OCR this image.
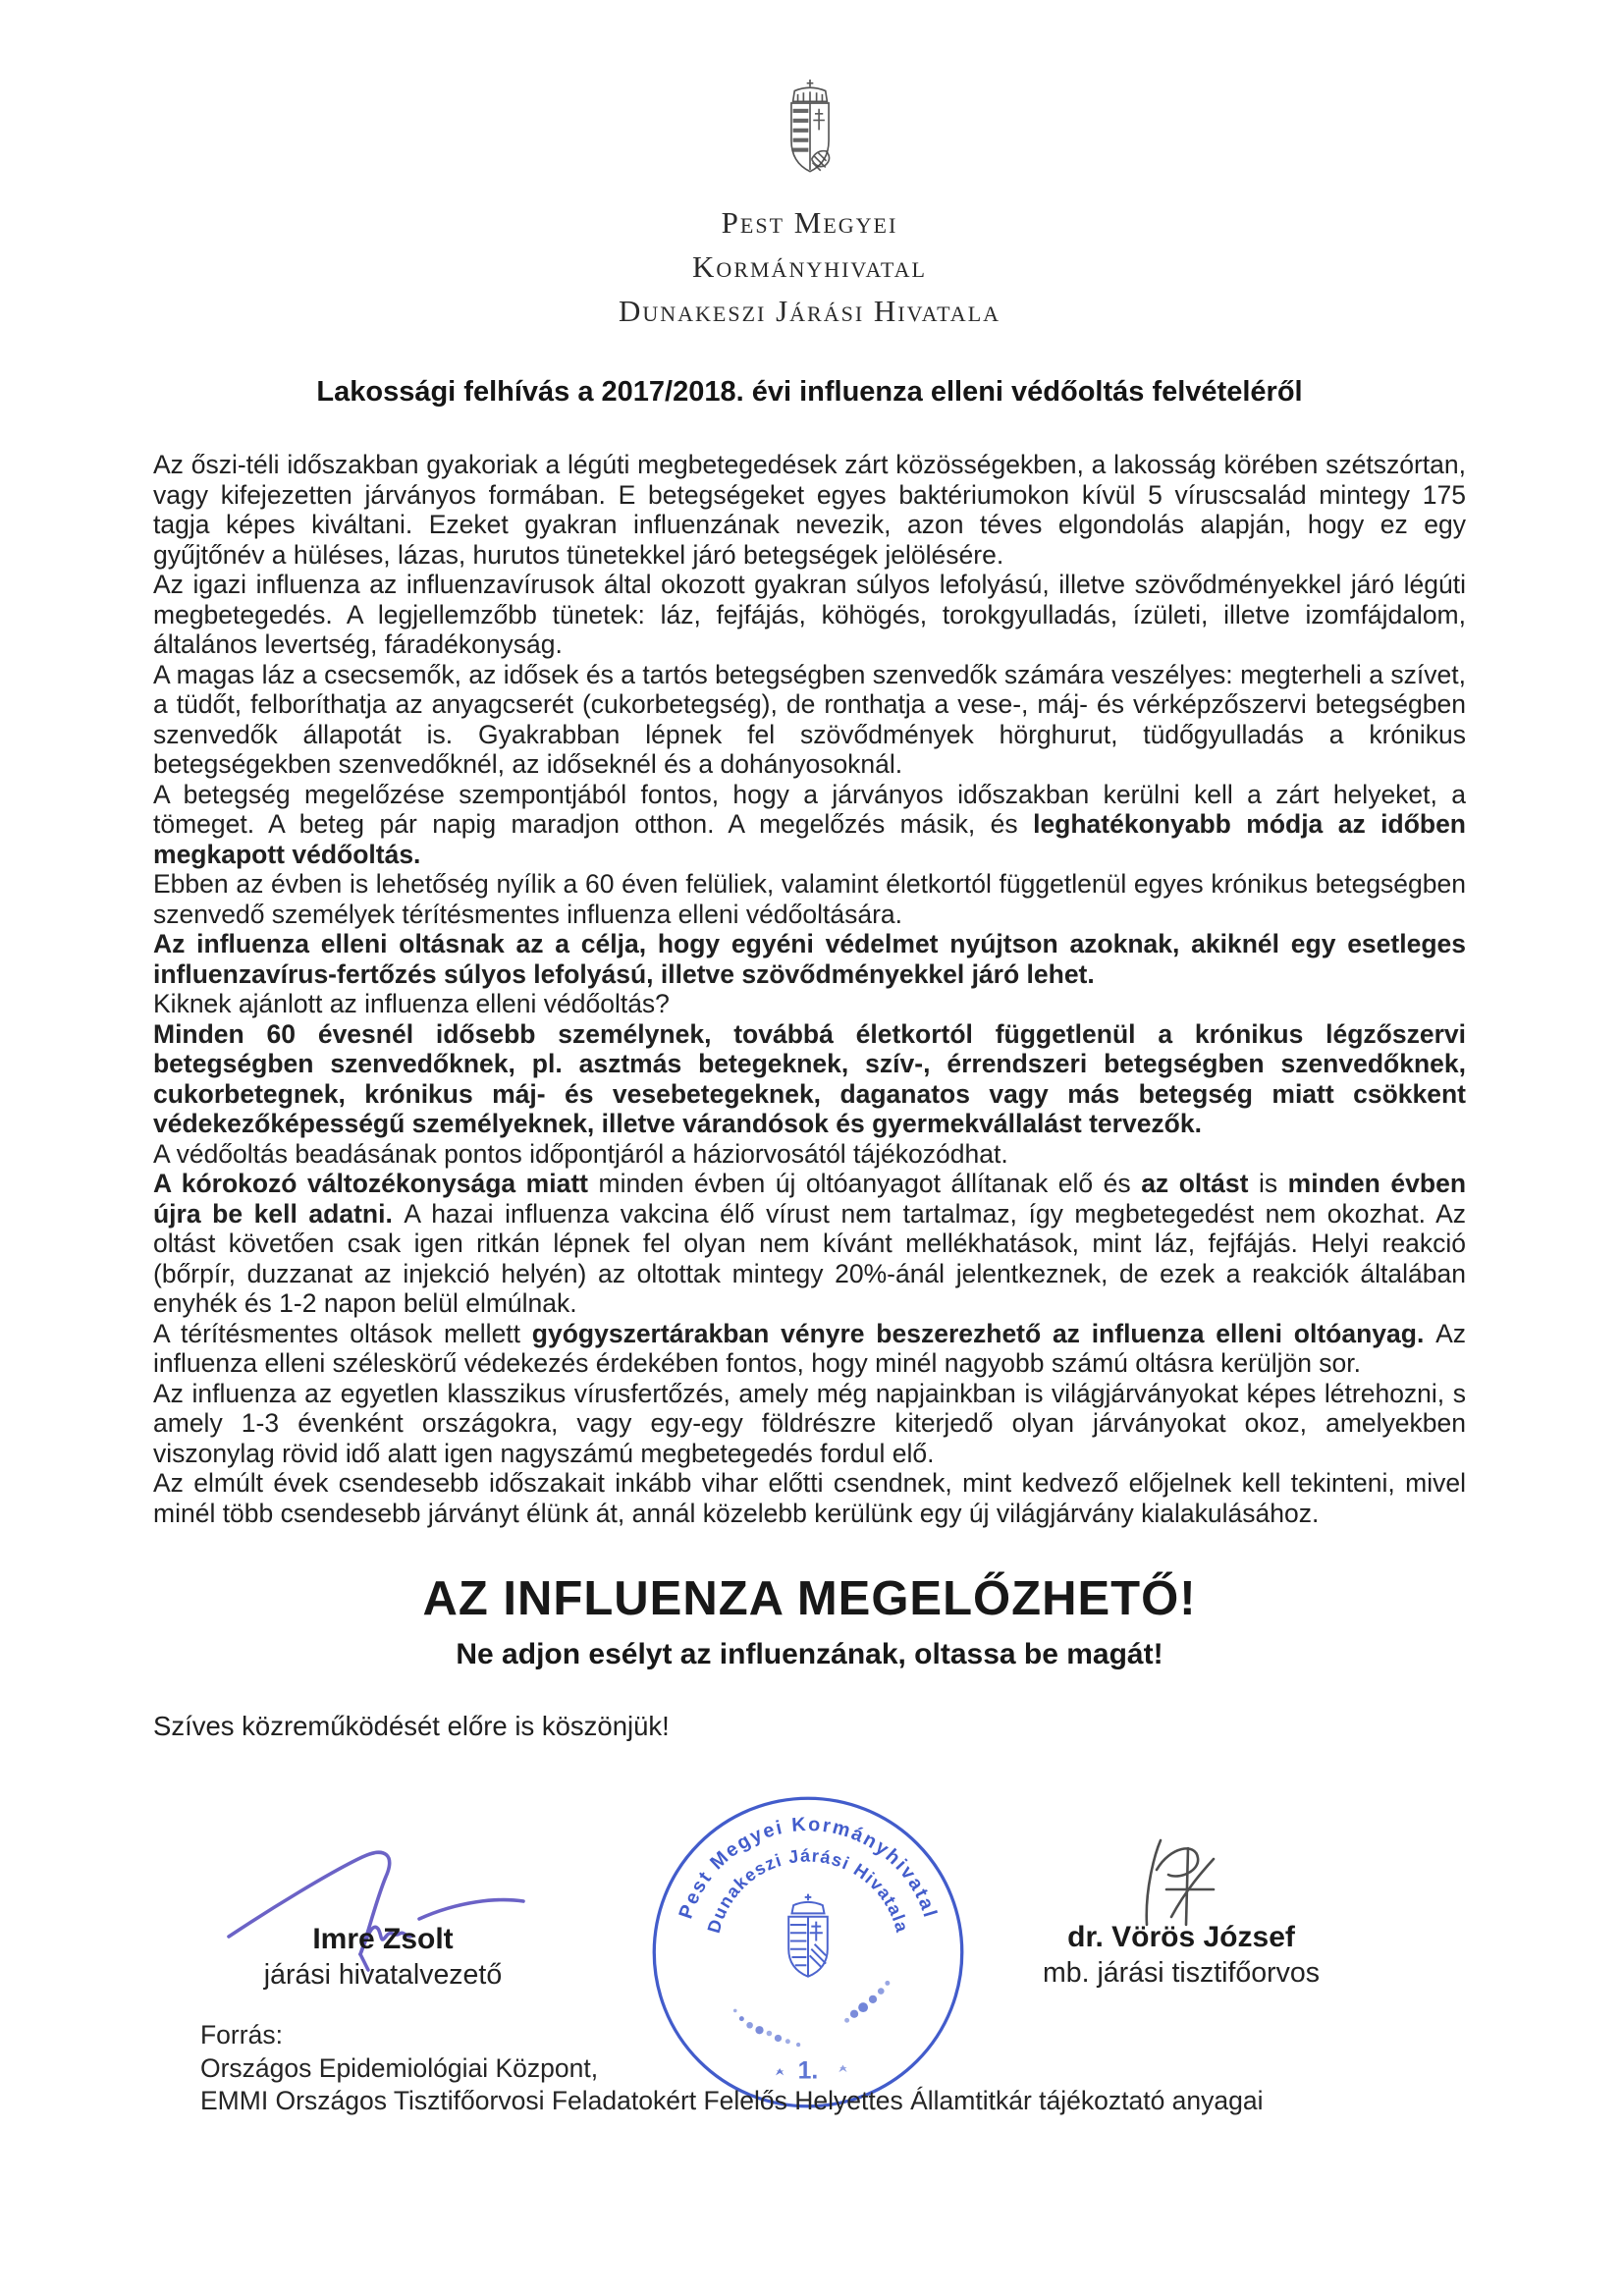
Pest Megyei
Kormányhivatal
Dunakeszi Járási Hivatala
Lakossági felhívás a 2017/2018. évi influenza elleni védőoltás felvételéről

Az őszi-téli időszakban gyakoriak a légúti megbetegedések zárt közösségekben, a lakosság körében szétszórtan, vagy kifejezetten járványos formában. E betegségeket egyes baktériumokon kívül 5 víruscsalád mintegy 175 tagja képes kiváltani. Ezeket gyakran influenzának nevezik, azon téves elgondolás alapján, hogy ez egy gyűjtőnév a hüléses, lázas, hurutos tünetekkel járó betegségek jelölésére.

Az igazi influenza az influenzavírusok által okozott gyakran súlyos lefolyású, illetve szövődményekkel járó légúti megbetegedés. A legjellemzőbb tünetek: láz, fejfájás, köhögés, torokgyulladás, ízületi, illetve izomfájdalom, általános levertség, fáradékonyság.

A magas láz a csecsemők, az idősek és a tartós betegségben szenvedők számára veszélyes: megterheli a szívet, a tüdőt, felboríthatja az anyagcserét (cukorbetegség), de ronthatja a vese-, máj- és vérképzőszervi betegségben szenvedők állapotát is. Gyakrabban lépnek fel szövődmények hörghurut, tüdőgyulladás a krónikus betegségekben szenvedőknél, az időseknél és a dohányosoknál.

A betegség megelőzése szempontjából fontos, hogy a járványos időszakban kerülni kell a zárt helyeket, a tömeget. A beteg pár napig maradjon otthon. A megelőzés másik, és leghatékonyabb módja az időben megkapott védőoltás.

Ebben az évben is lehetőség nyílik a 60 éven felüliek, valamint életkortól függetlenül egyes krónikus betegségben szenvedő személyek térítésmentes influenza elleni védőoltására.

Az influenza elleni oltásnak az a célja, hogy egyéni védelmet nyújtson azoknak, akiknél egy esetleges influenzavírus-fertőzés súlyos lefolyású, illetve szövődményekkel járó lehet.

Kiknek ajánlott az influenza elleni védőoltás?

Minden 60 évesnél idősebb személynek, továbbá életkortól függetlenül a krónikus légzőszervi betegségben szenvedőknek, pl. asztmás betegeknek, szív-, érrendszeri betegségben szenvedőknek, cukorbetegnek, krónikus máj- és vesebetegeknek, daganatos vagy más betegség miatt csökkent védekezőképességű személyeknek, illetve várandósok és gyermekvállalást tervezők.

A védőoltás beadásának pontos időpontjáról a háziorvosától tájékozódhat.

A kórokozó változékonysága miatt minden évben új oltóanyagot állítanak elő és az oltást is minden évben újra be kell adatni. A hazai influenza vakcina élő vírust nem tartalmaz, így megbetegedést nem okozhat. Az oltást követően csak igen ritkán lépnek fel olyan nem kívánt mellékhatások, mint láz, fejfájás. Helyi reakció (bőrpír, duzzanat az injekció helyén) az oltottak mintegy 20%-ánál jelentkeznek, de ezek a reakciók általában enyhék és 1-2 napon belül elmúlnak.

A térítésmentes oltások mellett gyógyszertárakban vényre beszerezhető az influenza elleni oltóanyag. Az influenza elleni széleskörű védekezés érdekében fontos, hogy minél nagyobb számú oltásra kerüljön sor.

Az influenza az egyetlen klasszikus vírusfertőzés, amely még napjainkban is világjárványokat képes létrehozni, s amely 1-3 évenként országokra, vagy egy-egy földrészre kiterjedő olyan járványokat okoz, amelyekben viszonylag rövid idő alatt igen nagyszámú megbetegedés fordul elő.

Az elmúlt évek csendesebb időszakait inkább vihar előtti csendnek, mint kedvező előjelnek kell tekinteni, mivel minél több csendesebb járványt élünk át, annál közelebb kerülünk egy új világjárvány kialakulásához.

AZ INFLUENZA MEGELŐZHETŐ!
Ne adjon esélyt az influenzának, oltassa be magát!
Szíves közreműködését előre is köszönjük!
Imre Zsolt
járási hivatalvezető
dr. Vörös József
mb. járási tisztifőorvos
Pest Megyei Kormányhivatal
Dunakeszi Járási Hivatala
1.
Forrás:
Országos Epidemiológiai Központ,
EMMI Országos Tisztifőorvosi Feladatokért Felelős Helyettes Államtitkár tájékoztató anyagai
